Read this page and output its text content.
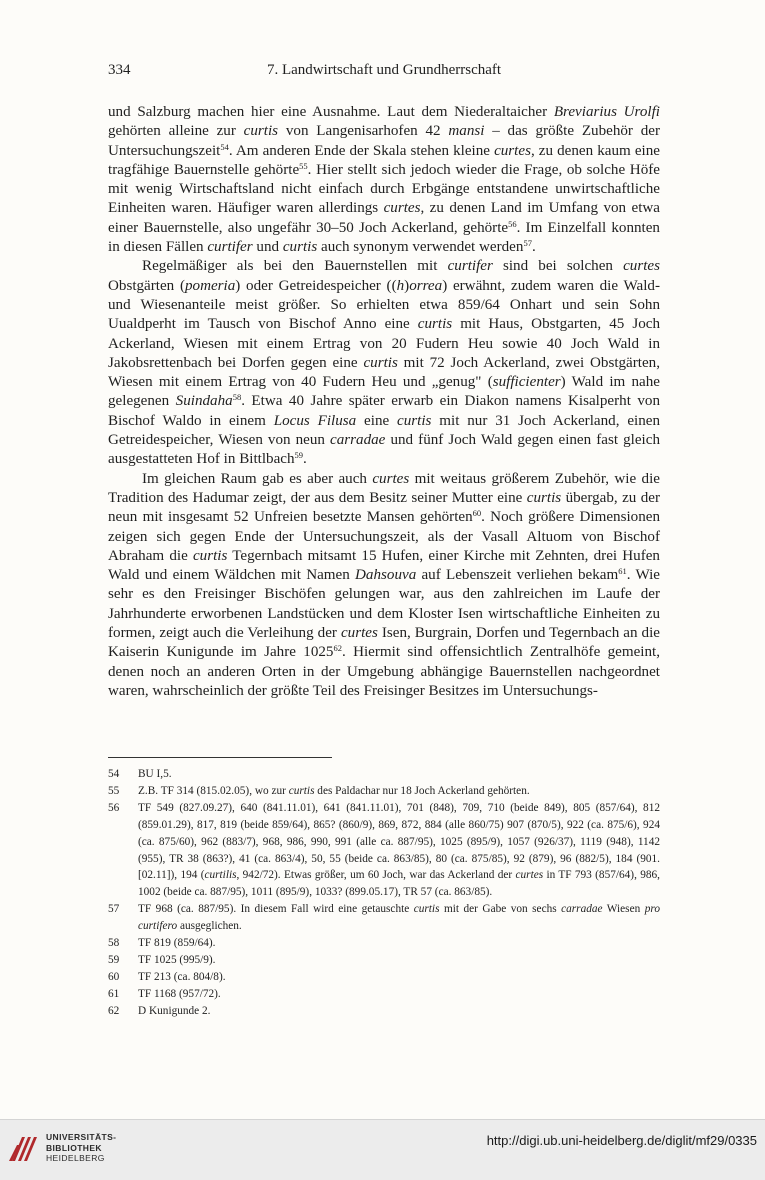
334	7. Landwirtschaft und Grundherrschaft

und Salzburg machen hier eine Ausnahme. Laut dem Niederaltaicher Breviarius Urolfi gehörten alleine zur curtis von Langenisarhofen 42 mansi – das größte Zubehör der Untersuchungszeit$^{54}$. Am anderen Ende der Skala stehen kleine curtes, zu denen kaum eine tragfähige Bauernstelle gehörte$^{55}$. Hier stellt sich jedoch wieder die Frage, ob solche Höfe mit wenig Wirtschaftsland nicht einfach durch Erbgänge entstandene unwirtschaftliche Einheiten waren. Häufiger waren allerdings curtes, zu denen Land im Umfang von etwa einer Bauernstelle, also ungefähr 30–50 Joch Ackerland, gehörte$^{56}$. Im Einzelfall konnten in diesen Fällen curtifer und curtis auch synonym verwendet werden$^{57}$.

Regelmäßiger als bei den Bauernstellen mit curtifer sind bei solchen curtes Obstgärten (pomeria) oder Getreidespeicher ((h)orrea) erwähnt, zudem waren die Wald- und Wiesenanteile meist größer. So erhielten etwa 859/64 Onhart und sein Sohn Uualdperht im Tausch von Bischof Anno eine curtis mit Haus, Obstgarten, 45 Joch Ackerland, Wiesen mit einem Ertrag von 20 Fudern Heu sowie 40 Joch Wald in Jakobsrettenbach bei Dorfen gegen eine curtis mit 72 Joch Ackerland, zwei Obstgärten, Wiesen mit einem Ertrag von 40 Fudern Heu und „genug" (sufficienter) Wald im nahe gelegenen Suindaha$^{58}$. Etwa 40 Jahre später erwarb ein Diakon namens Kisalperht von Bischof Waldo in einem Locus Filusa eine curtis mit nur 31 Joch Ackerland, einen Getreidespeicher, Wiesen von neun carradae und fünf Joch Wald gegen einen fast gleich ausgestatteten Hof in Bittlbach$^{59}$.

Im gleichen Raum gab es aber auch curtes mit weitaus größerem Zubehör, wie die Tradition des Hadumar zeigt, der aus dem Besitz seiner Mutter eine curtis übergab, zu der neun mit insgesamt 52 Unfreien besetzte Mansen gehörten$^{60}$. Noch größere Dimensionen zeigen sich gegen Ende der Untersuchungszeit, als der Vasall Altuom von Bischof Abraham die curtis Tegernbach mitsamt 15 Hufen, einer Kirche mit Zehnten, drei Hufen Wald und einem Wäldchen mit Namen Dahsouva auf Lebenszeit verliehen bekam$^{61}$. Wie sehr es den Freisinger Bischöfen gelungen war, aus den zahlreichen im Laufe der Jahrhunderte erworbenen Landstücken und dem Kloster Isen wirtschaftliche Einheiten zu formen, zeigt auch die Verleihung der curtes Isen, Burgrain, Dorfen und Tegernbach an die Kaiserin Kunigunde im Jahre 1025$^{62}$. Hiermit sind offensichtlich Zentralhöfe gemeint, denen noch an anderen Orten in der Umgebung abhängige Bauernstellen nachgeordnet waren, wahrscheinlich der größte Teil des Freisinger Besitzes im Untersuchungs-

54	BU I,5.
55	Z.B. TF 314 (815.02.05), wo zur curtis des Paldachar nur 18 Joch Ackerland gehörten.
56	TF 549 (827.09.27), 640 (841.11.01), 641 (841.11.01), 701 (848), 709, 710 (beide 849), 805 (857/64), 812 (859.01.29), 817, 819 (beide 859/64), 865? (860/9), 869, 872, 884 (alle 860/75) 907 (870/5), 922 (ca. 875/6), 924 (ca. 875/60), 962 (883/7), 968, 986, 990, 991 (alle ca. 887/95), 1025 (895/9), 1057 (926/37), 1119 (948), 1142 (955), TR 38 (863?), 41 (ca. 863/4), 50, 55 (beide ca. 863/85), 80 (ca. 875/85), 92 (879), 96 (882/5), 184 (901.[02.11]), 194 (curtilis, 942/72). Etwas größer, um 60 Joch, war das Ackerland der curtes in TF 793 (857/64), 986, 1002 (beide ca. 887/95), 1011 (895/9), 1033? (899.05.17), TR 57 (ca. 863/85).
57	TF 968 (ca. 887/95). In diesem Fall wird eine getauschte curtis mit der Gabe von sechs carradae Wiesen pro curtifero ausgeglichen.
58	TF 819 (859/64).
59	TF 1025 (995/9).
60	TF 213 (ca. 804/8).
61	TF 1168 (957/72).
62	D Kunigunde 2.
UNIVERSITÄTS-
BIBLIOTHEK
HEIDELBERG
http://digi.ub.uni-heidelberg.de/diglit/mf29/0335
